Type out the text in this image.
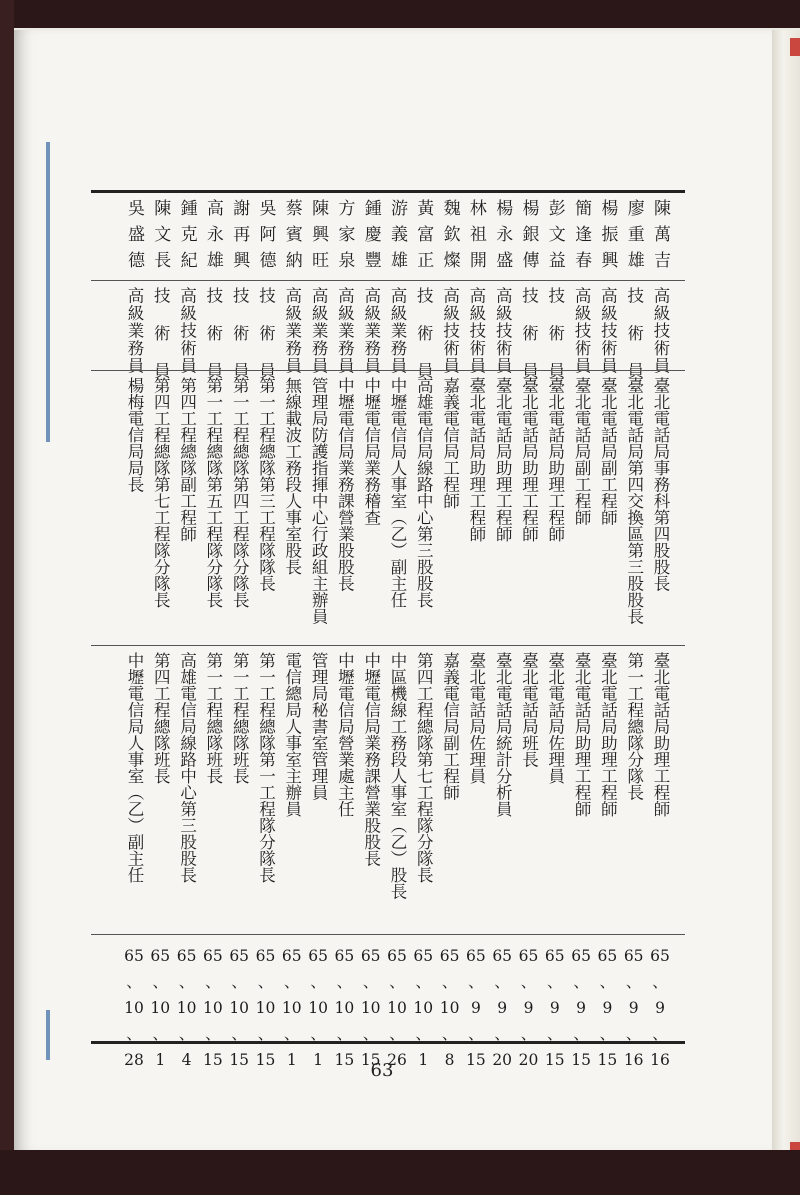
陳萬吉
廖重雄
楊振興
簡逢春
彭文益
楊銀傳
楊永盛
林祖開
魏欽燦
黃富正
游義雄
鍾慶豐
方家泉
陳興旺
蔡賓納
吳阿德
謝再興
高永雄
鍾克紀
陳文長
吳盛德
高級技術員
技 術 員
高級技術員
高級技術員
技 術 員
技 術 員
高級技術員
高級技術員
高級技術員
技 術 員
高級業務員
高級業務員
高級業務員
高級業務員
高級業務員
技 術 員
技 術 員
技 術 員
高級技術員
技 術 員
高級業務員
臺北電話局事務科第四股股長
臺北電話局第四交換區第三股股長
臺北電話局副工程師
臺北電話局副工程師
臺北電話局助理工程師
臺北電話局助理工程師
臺北電話局助理工程師
臺北電話局助理工程師
嘉義電信局工程師
高雄電信局線路中心第三股股長
中壢電信局人事室（乙）副主任
中壢電信局業務稽查
中壢電信局業務課營業股股長
管理局防護指揮中心行政組主辦員
無線載波工務段人事室股長
第一工程總隊第三工程隊隊長
第一工程總隊第四工程隊分隊長
第一工程總隊第五工程隊分隊長
第四工程總隊副工程師
第四工程總隊第七工程隊分隊長
楊梅電信局局長
臺北電話局助理工程師
第一工程總隊分隊長
臺北電話局助理工程師
臺北電話局助理工程師
臺北電話局佐理員
臺北電話局班長
臺北電話局統計分析員
臺北電話局佐理員
嘉義電信局副工程師
第四工程總隊第七工程隊分隊長
中區機線工務段人事室（乙）股長
中壢電信局業務課營業股股長
中壢電信局營業處主任
管理局秘書室管理員
電信總局人事室主辦員
第一工程總隊第一工程隊分隊長
第一工程總隊班長
第一工程總隊班長
高雄電信局線路中心第三股股長
第四工程總隊班長
中壢電信局人事室（乙）副主任
65
、
9
、
16
65
、
9
、
16
65
、
9
、
15
65
、
9
、
15
65
、
9
、
15
65
、
9
、
20
65
、
9
、
20
65
、
9
、
15
65
、
10
、
8
65
、
10
、
1
65
、
10
、
26
65
、
10
、
15
65
、
10
、
15
65
、
10
、
1
65
、
10
、
1
65
、
10
、
15
65
、
10
、
15
65
、
10
、
15
65
、
10
、
4
65
、
10
、
1
65
、
10
、
28	63
